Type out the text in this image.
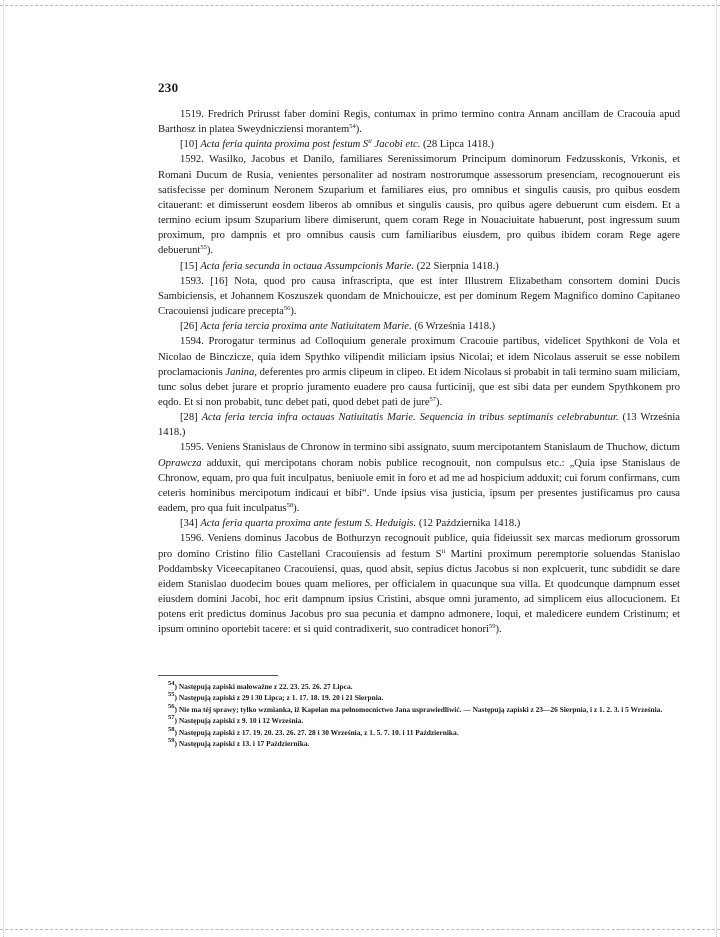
230

1519. Fredrich Prirusst faber domini Regis, contumax in primo termino contra Annam ancillam de Cracouia apud Barthosz in platea Sweydnicziensi morantem$^{54}$).

[10] Acta feria quinta proxima post festum $S^{ti}$ Jacobi etc. (28 Lipca 1418.)

1592. Wasilko, Jacobus et Danilo, familiares Serenissimorum Principum dominorum Fedzusskonis, Vrkonis, et Romani Ducum de Rusia, venientes personaliter ad nostram nostrorumque assessorum presenciam, recognouerunt eis satisfecisse per dominum Neronem Szuparium et familiares eius, pro omnibus et singulis causis, pro quibus eosdem citauerant: et dimisserunt eosdem liberos ab omnibus et singulis causis, pro quibus agere debuerunt cum eisdem. Et a termino ecium ipsum Szuparium libere dimiserunt, quem coram Rege in Nouaciuitate habuerunt, post ingressum suum proximum, pro dampnis et pro omnibus causis cum familiaribus eiusdem, pro quibus ibidem coram Rege agere debuerunt$^{55}$).

[15] Acta feria secunda in octaua Assumpcionis Marie. (22 Sierpnia 1418.)

1593. [16] Nota, quod pro causa infrascripta, que est inter Illustrem Elizabetham consortem domini Ducis Sambiciensis, et Johannem Koszuszek quondam de Mnichouicze, est per dominum Regem Magnifico domino Capitaneo Cracouiensi judicare precepta$^{56}$).

[26] Acta feria tercia proxima ante Natiuitatem Marie. (6 Września 1418.)

1594. Prorogatur terminus ad Colloquium generale proximum Cracouie partibus, videlicet Spythkoni de Vola et Nicolao de Binczicze, quia idem Spythko vilipendit miliciam ipsius Nicolai; et idem Nicolaus asseruit se esse nobilem proclamacionis Janina, deferentes pro armis clipeum in clipeo. Et idem Nicolaus si probabit in tali termino suam miliciam, tunc solus debet jurare et proprio juramento euadere pro causa furticinij, que est sibi data per eundem Spythkonem pro eqdo. Et si non probabit, tunc debet pati, quod debet pati de jure$^{57}$).

[28] Acta feria tercia infra octauas Natiuitatis Marie. Sequencia in tribus septimanis celebrabuntur. (13 Września 1418.)

1595. Veniens Stanislaus de Chronow in termino sibi assignato, suum mercipotantem Stanislaum de Thuchow, dictum Oprawcza adduxit, qui mercipotans choram nobis publice recognouit, non compulsus etc.: „Quia ipse Stanislaus de Chronow, equam, pro qua fuit inculpatus, beniuole emit in foro et ad me ad hospicium adduxit; cui forum confirmans, cum ceteris hominibus mercipotum indicaui et bibi“. Unde ipsius visa justicia, ipsum per presentes justificamus pro causa eadem, pro qua fuit inculpatus$^{58}$).

[34] Acta feria quarta proxima ante festum S. Heduigis. (12 Października 1418.)

1596. Veniens dominus Jacobus de Bothurzyn recognouit publice, quia fideiussit sex marcas mediorum grossorum pro domino Cristino filio Castellani Cracouiensis ad festum $S^{ti}$ Martini proximum peremptorie soluendas Stanislao Poddambsky Viceecapitaneo Cracouiensi, quas, quod absit, sepius dictus Jacobus si non explcuerit, tunc subdidit se dare eidem Stanislao duodecim boues quam meliores, per officialem in quacunque sua villa. Et quodcunque dampnum esset eiusdem domini Jacobi, hoc erit dampnum ipsius Cristini, absque omni juramento, ad simplicem eius allocucionem. Et potens erit predictus dominus Jacobus pro sua pecunia et dampno admonere, loqui, et maledicere eundem Cristinum; et ipsum omnino oportebit tacere: et si quid contradixerit, suo contradicet honori$^{59}$).

$^{54}$) Następują zapiski małoważne z 22. 23. 25. 26. 27 Lipca.

$^{55}$) Następują zapiski z 29 i 30 Lipca; z 1. 17. 18. 19. 20 i 21 Sierpnia.

$^{56}$) Nie ma téj sprawy; tylko wzmianka, iż Kapelan ma pełnomocnictwo Jana usprawiedliwić. — Następują zapiski z 23—26 Sierpnia, i z 1. 2. 3. i 5 Września.

$^{57}$) Następują zapiski z 9. 10 i 12 Września.

$^{58}$) Następują zapiski z 17. 19. 20. 23. 26. 27. 28 i 30 Września, z 1. 5. 7. 10. i 11 Października.

$^{59}$) Następują zapiski z 13. i 17 Października.
